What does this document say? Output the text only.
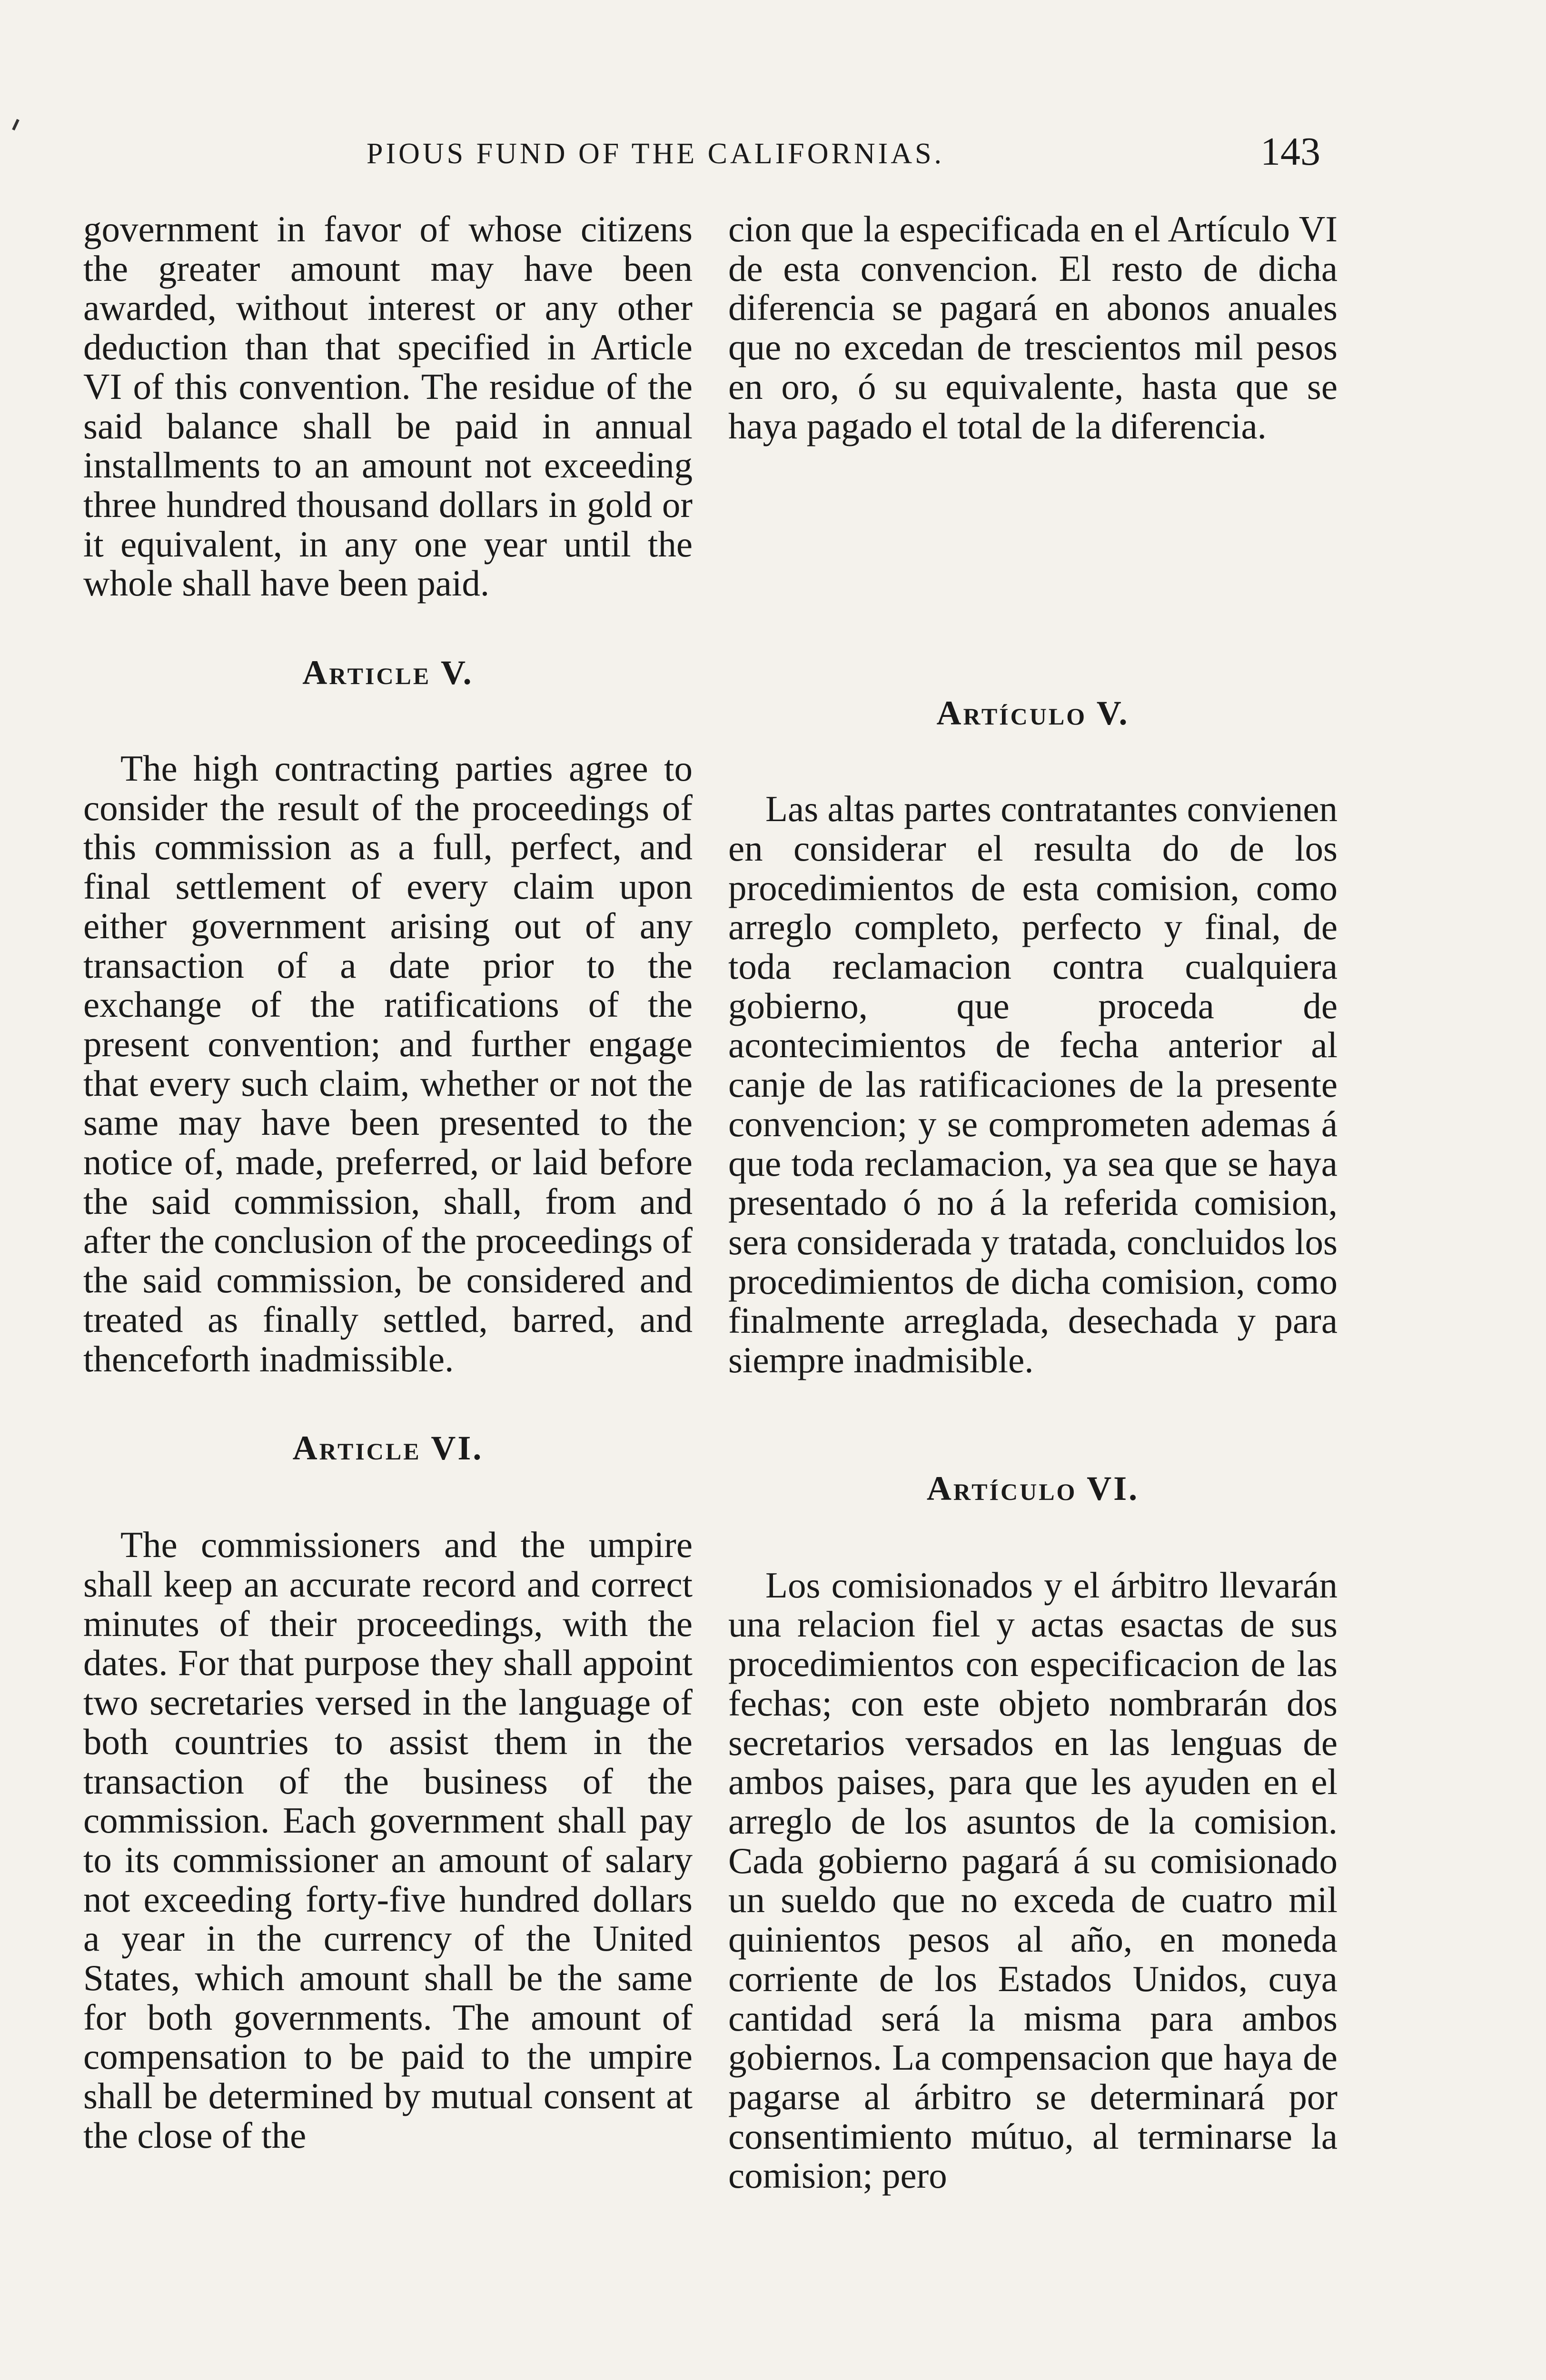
PIOUS FUND OF THE CALIFORNIAS.	143

government in favor of whose citizens the greater amount may have been awarded, without interest or any other deduction than that specified in Article VI of this convention. The residue of the said balance shall be paid in annual installments to an amount not exceeding three hundred thousand dollars in gold or it equivalent, in any one year until the whole shall have been paid.

Article V.

The high contracting parties agree to consider the result of the proceedings of this commission as a full, perfect, and final settlement of every claim upon either government arising out of any transaction of a date prior to the exchange of the ratifications of the present convention; and further engage that every such claim, whether or not the same may have been presented to the notice of, made, preferred, or laid before the said commission, shall, from and after the conclusion of the proceedings of the said commission, be considered and treated as finally settled, barred, and thenceforth inadmissible.

Article VI.

The commissioners and the umpire shall keep an accurate record and correct minutes of their proceedings, with the dates. For that purpose they shall appoint two secretaries versed in the language of both countries to assist them in the transaction of the business of the commission. Each government shall pay to its commissioner an amount of salary not exceeding forty-five hundred dollars a year in the currency of the United States, which amount shall be the same for both governments. The amount of compensation to be paid to the umpire shall be determined by mutual consent at the close of the

cion que la especificada en el Artículo VI de esta convencion. El resto de dicha diferencia se pagará en abonos anuales que no excedan de trescientos mil pesos en oro, ó su equivalente, hasta que se haya pagado el total de la diferencia.

Artículo V.

Las altas partes contratantes convienen en considerar el resulta do de los procedimientos de esta comision, como arreglo completo, perfecto y final, de toda reclamacion contra cualquiera gobierno, que proceda de acontecimientos de fecha anterior al canje de las ratificaciones de la presente convencion; y se comprometen ademas á que toda reclamacion, ya sea que se haya presentado ó no á la referida comision, sera considerada y tratada, concluidos los procedimientos de dicha comision, como finalmente arreglada, desechada y para siempre inadmisible.

Artículo VI.

Los comisionados y el árbitro llevarán una relacion fiel y actas esactas de sus procedimientos con especificacion de las fechas; con este objeto nombrarán dos secretarios versados en las lenguas de ambos paises, para que les ayuden en el arreglo de los asuntos de la comision. Cada gobierno pagará á su comisionado un sueldo que no exceda de cuatro mil quinientos pesos al año, en moneda corriente de los Estados Unidos, cuya cantidad será la misma para ambos gobiernos. La compensacion que haya de pagarse al árbitro se determinará por consentimiento mútuo, al terminarse la comision; pero
